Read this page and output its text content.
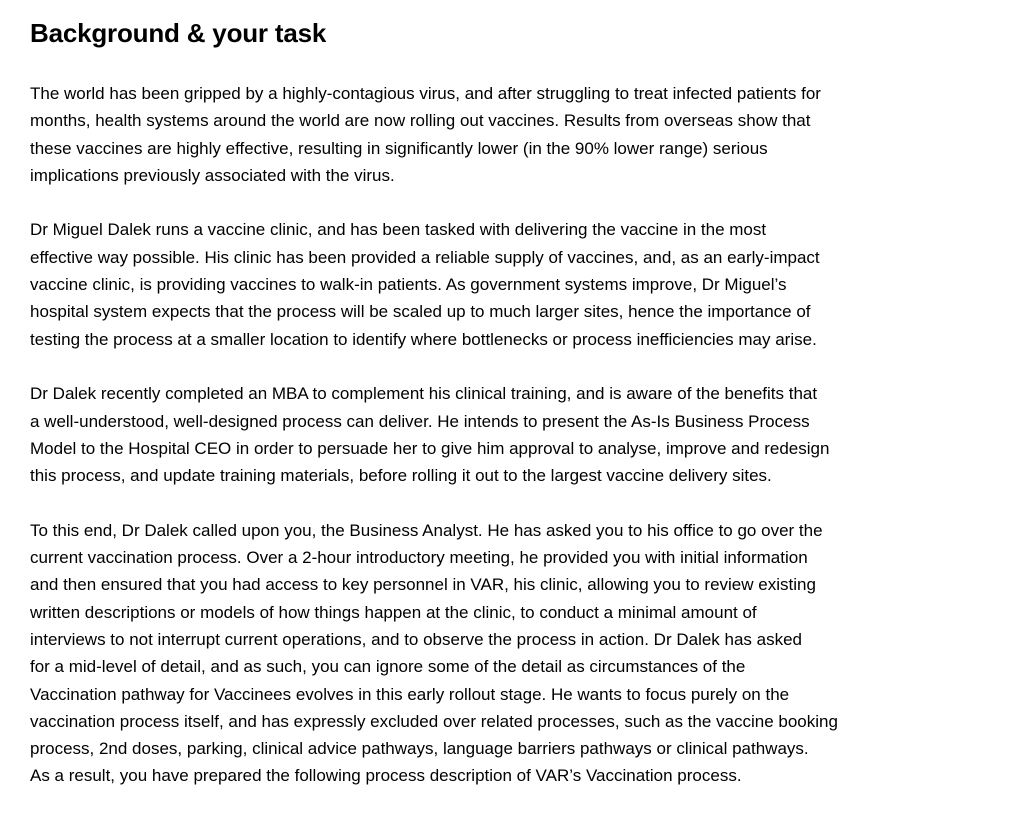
Background & your task
The world has been gripped by a highly-contagious virus, and after struggling to treat infected patients for
months, health systems around the world are now rolling out vaccines. Results from overseas show that
these vaccines are highly effective, resulting in significantly lower (in the 90% lower range) serious
implications previously associated with the virus.
Dr Miguel Dalek runs a vaccine clinic, and has been tasked with delivering the vaccine in the most
effective way possible. His clinic has been provided a reliable supply of vaccines, and, as an early-impact
vaccine clinic, is providing vaccines to walk-in patients. As government systems improve, Dr Miguel’s
hospital system expects that the process will be scaled up to much larger sites, hence the importance of
testing the process at a smaller location to identify where bottlenecks or process inefficiencies may arise.
Dr Dalek recently completed an MBA to complement his clinical training, and is aware of the benefits that
a well-understood, well-designed process can deliver. He intends to present the As-Is Business Process
Model to the Hospital CEO in order to persuade her to give him approval to analyse, improve and redesign
this process, and update training materials, before rolling it out to the largest vaccine delivery sites.
To this end, Dr Dalek called upon you, the Business Analyst. He has asked you to his office to go over the
current vaccination process. Over a 2-hour introductory meeting, he provided you with initial information
and then ensured that you had access to key personnel in VAR, his clinic, allowing you to review existing
written descriptions or models of how things happen at the clinic, to conduct a minimal amount of
interviews to not interrupt current operations, and to observe the process in action. Dr Dalek has asked
for a mid-level of detail, and as such, you can ignore some of the detail as circumstances of the
Vaccination pathway for Vaccinees evolves in this early rollout stage. He wants to focus purely on the
vaccination process itself, and has expressly excluded over related processes, such as the vaccine booking
process, 2nd doses, parking, clinical advice pathways, language barriers pathways or clinical pathways.
As a result, you have prepared the following process description of VAR’s Vaccination process.
